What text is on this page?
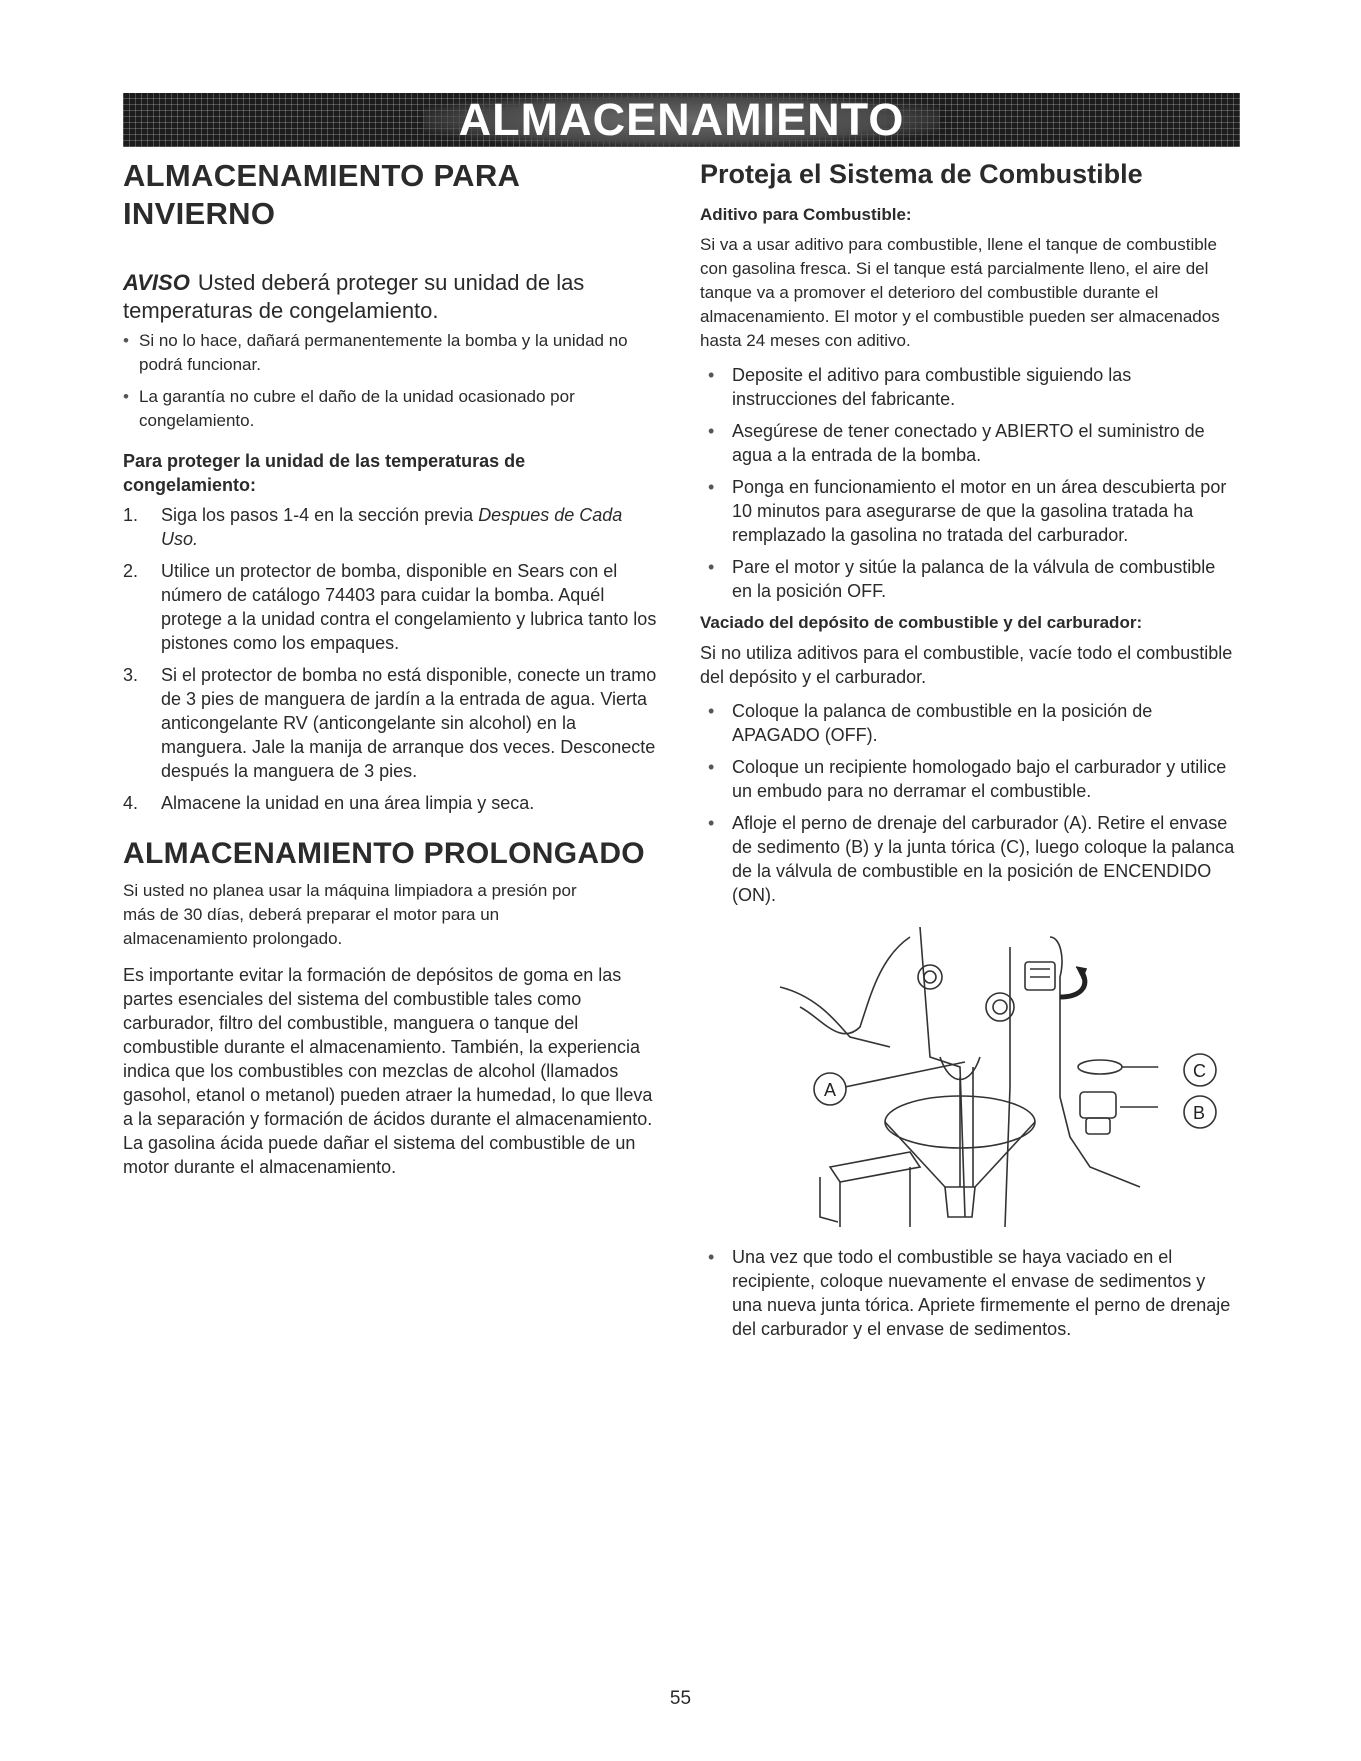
ALMACENAMIENTO
ALMACENAMIENTO PARA INVIERNO

AVISO Usted deberá proteger su unidad de las temperaturas de congelamiento.

• Si no lo hace, dañará permanentemente la bomba y la unidad no podrá funcionar.
• La garantía no cubre el daño de la unidad ocasionado por congelamiento.
Para proteger la unidad de las temperaturas de congelamiento:
1. Siga los pasos 1-4 en la sección previa Despues de Cada Uso.
2. Utilice un protector de bomba, disponible en Sears con el número de catálogo 74403 para cuidar la bomba. Aquél protege a la unidad contra el congelamiento y lubrica tanto los pistones como los empaques.
3. Si el protector de bomba no está disponible, conecte un tramo de 3 pies de manguera de jardín a la entrada de agua. Vierta anticongelante RV (anticongelante sin alcohol) en la manguera. Jale la manija de arranque dos veces. Desconecte después la manguera de 3 pies.
4. Almacene la unidad en una área limpia y seca.
ALMACENAMIENTO PROLONGADO

Si usted no planea usar la máquina limpiadora a presión por más de 30 días, deberá preparar el motor para un almacenamiento prolongado.

Es importante evitar la formación de depósitos de goma en las partes esenciales del sistema del combustible tales como carburador, filtro del combustible, manguera o tanque del combustible durante el almacenamiento. También, la experiencia indica que los combustibles con mezclas de alcohol (llamados gasohol, etanol o metanol) pueden atraer la humedad, lo que lleva a la separación y formación de ácidos durante el almacenamiento. La gasolina ácida puede dañar el sistema del combustible de un motor durante el almacenamiento.

Proteja el Sistema de Combustible
Aditivo para Combustible:

Si va a usar aditivo para combustible, llene el tanque de combustible con gasolina fresca. Si el tanque está parcialmente lleno, el aire del tanque va a promover el deterioro del combustible durante el almacenamiento. El motor y el combustible pueden ser almacenados hasta 24 meses con aditivo.

• Deposite el aditivo para combustible siguiendo las instrucciones del fabricante.
• Asegúrese de tener conectado y ABIERTO el suministro de agua a la entrada de la bomba.
• Ponga en funcionamiento el motor en un área descubierta por 10 minutos para asegurarse de que la gasolina tratada ha remplazado la gasolina no tratada del carburador.
• Pare el motor y sitúe la palanca de la válvula de combustible en la posición OFF.
Vaciado del depósito de combustible y del carburador:

Si no utiliza aditivos para el combustible, vacíe todo el combustible del depósito y el carburador.

• Coloque la palanca de combustible en la posición de APAGADO (OFF).
• Coloque un recipiente homologado bajo el carburador y utilice un embudo para no derramar el combustible.
• Afloje el perno de drenaje del carburador (A). Retire el envase de sedimento (B) y la junta tórica (C), luego coloque la palanca de la válvula de combustible en la posición de ENCENDIDO (ON).
A
C
B
• Una vez que todo el combustible se haya vaciado en el recipiente, coloque nuevamente el envase de sedimentos y una nueva junta tórica. Apriete firmemente el perno de drenaje del carburador y el envase de sedimentos.
55
